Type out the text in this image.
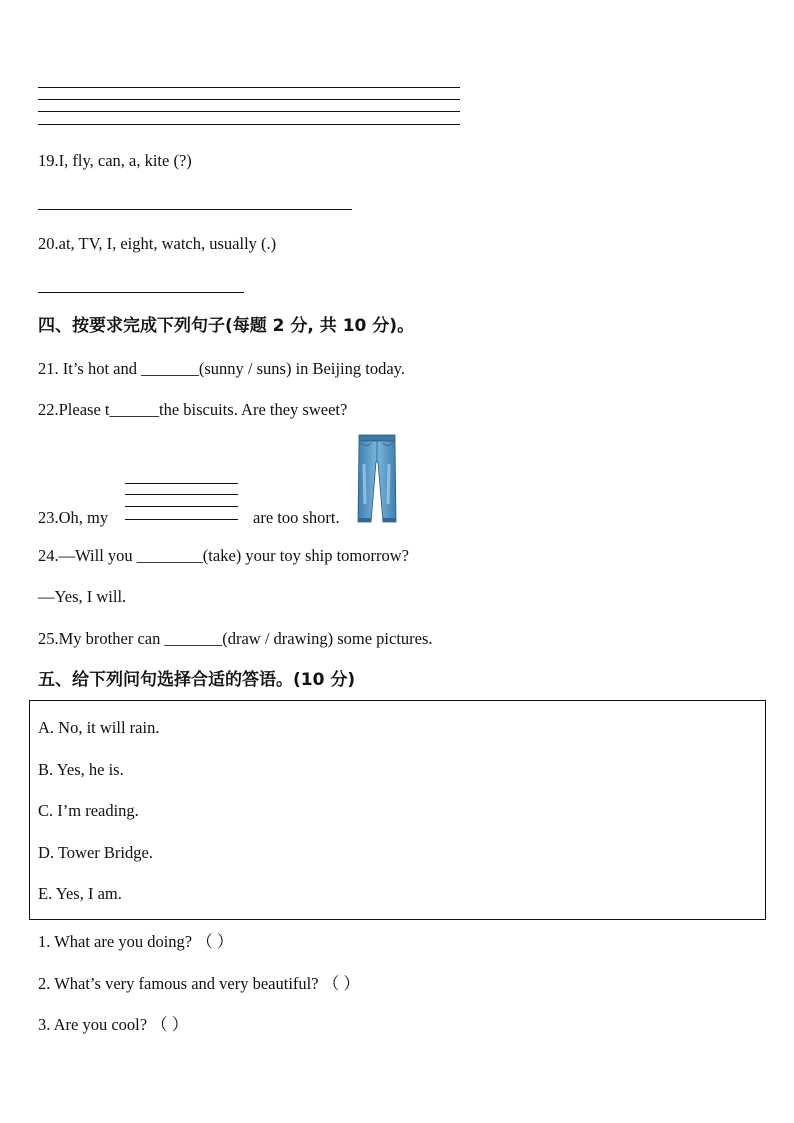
19.I, fly, can, a, kite (?)
20.at, TV, I, eight, watch, usually (.)
四、按要求完成下列句子(每题 2 分, 共 10 分)。
21. It’s hot and _______(sunny / suns) in Beijing today.
22.Please t______the biscuits. Are they sweet?
23.Oh, my	are too short.
24.—Will you ________(take) your toy ship tomorrow?
—Yes, I will.
25.My brother can _______(draw / drawing) some pictures.
五、给下列问句选择合适的答语。(10 分)
A. No, it will rain.
B. Yes, he is.
C. I’m reading.
D. Tower Bridge.
E. Yes, I am.
1. What are you doing? （ ）
2. What’s very famous and very beautiful? （ ）
3. Are you cool? （ ）
